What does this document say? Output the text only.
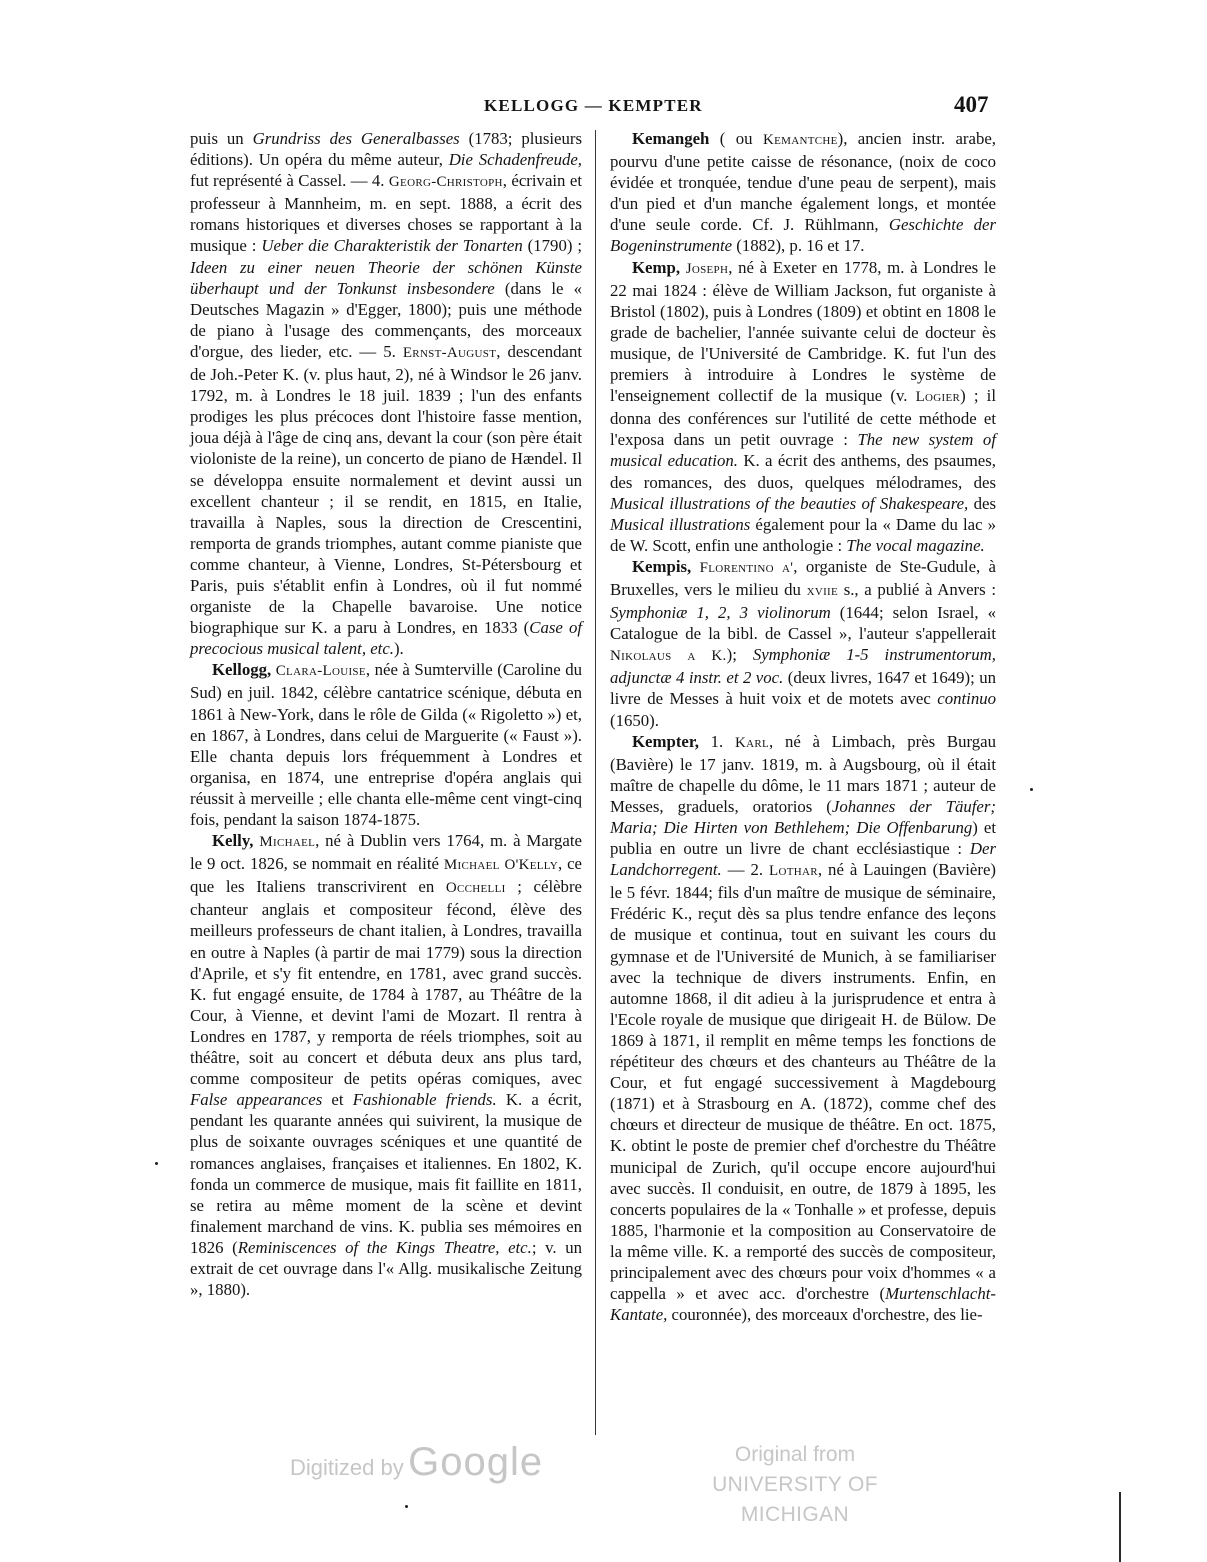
KELLOGG — KEMPTER	407

puis un Grundriss des Generalbasses (1783; plusieurs éditions). Un opéra du même auteur, Die Schadenfreude, fut représenté à Cassel. — 4. Georg-Christoph, écrivain et professeur à Mannheim, m. en sept. 1888, a écrit des romans historiques et diverses choses se rapportant à la musique : Ueber die Charakteristik der Tonarten (1790) ; Ideen zu einer neuen Theorie der schönen Künste überhaupt und der Tonkunst insbesondere (dans le « Deutsches Magazin » d'Egger, 1800); puis une méthode de piano à l'usage des commençants, des morceaux d'orgue, des lieder, etc. — 5. Ernst-August, descendant de Joh.-Peter K. (v. plus haut, 2), né à Windsor le 26 janv. 1792, m. à Londres le 18 juil. 1839 ; l'un des enfants prodiges les plus précoces dont l'histoire fasse mention, joua déjà à l'âge de cinq ans, devant la cour (son père était violoniste de la reine), un concerto de piano de Hændel. Il se développa ensuite normalement et devint aussi un excellent chanteur ; il se rendit, en 1815, en Italie, travailla à Naples, sous la direction de Crescentini, remporta de grands triomphes, autant comme pianiste que comme chanteur, à Vienne, Londres, St-Pétersbourg et Paris, puis s'établit enfin à Londres, où il fut nommé organiste de la Chapelle bavaroise. Une notice biographique sur K. a paru à Londres, en 1833 (Case of precocious musical talent, etc.).

Kellogg, Clara-Louise, née à Sumterville (Caroline du Sud) en juil. 1842, célèbre cantatrice scénique, débuta en 1861 à New-York, dans le rôle de Gilda (« Rigoletto ») et, en 1867, à Londres, dans celui de Marguerite (« Faust »). Elle chanta depuis lors fréquemment à Londres et organisa, en 1874, une entreprise d'opéra anglais qui réussit à merveille ; elle chanta elle-même cent vingt-cinq fois, pendant la saison 1874-1875.

Kelly, Michael, né à Dublin vers 1764, m. à Margate le 9 oct. 1826, se nommait en réalité Michael O'Kelly, ce que les Italiens transcrivirent en Occhelli ; célèbre chanteur anglais et compositeur fécond, élève des meilleurs professeurs de chant italien, à Londres, travailla en outre à Naples (à partir de mai 1779) sous la direction d'Aprile, et s'y fit entendre, en 1781, avec grand succès. K. fut engagé ensuite, de 1784 à 1787, au Théâtre de la Cour, à Vienne, et devint l'ami de Mozart. Il rentra à Londres en 1787, y remporta de réels triomphes, soit au théâtre, soit au concert et débuta deux ans plus tard, comme compositeur de petits opéras comiques, avec False appearances et Fashionable friends. K. a écrit, pendant les quarante années qui suivirent, la musique de plus de soixante ouvrages scéniques et une quantité de romances anglaises, françaises et italiennes. En 1802, K. fonda un commerce de musique, mais fit faillite en 1811, se retira au même moment de la scène et devint finalement marchand de vins. K. publia ses mémoires en 1826 (Reminiscences of the Kings Theatre, etc.; v. un extrait de cet ouvrage dans l'« Allg. musikalische Zeitung », 1880).

Kemangeh ( ou Kemantche), ancien instr. arabe, pourvu d'une petite caisse de résonance, (noix de coco évidée et tronquée, tendue d'une peau de serpent), mais d'un pied et d'un manche également longs, et montée d'une seule corde. Cf. J. Rühlmann, Geschichte der Bogeninstrumente (1882), p. 16 et 17.

Kemp, Joseph, né à Exeter en 1778, m. à Londres le 22 mai 1824 : élève de William Jackson, fut organiste à Bristol (1802), puis à Londres (1809) et obtint en 1808 le grade de bachelier, l'année suivante celui de docteur ès musique, de l'Université de Cambridge. K. fut l'un des premiers à introduire à Londres le système de l'enseignement collectif de la musique (v. Logier) ; il donna des conférences sur l'utilité de cette méthode et l'exposa dans un petit ouvrage : The new system of musical education. K. a écrit des anthems, des psaumes, des romances, des duos, quelques mélodrames, des Musical illustrations of the beauties of Shakespeare, des Musical illustrations également pour la « Dame du lac » de W. Scott, enfin une anthologie : The vocal magazine.

Kempis, Florentino a', organiste de Ste-Gudule, à Bruxelles, vers le milieu du xviie s., a publié à Anvers : Symphoniæ 1, 2, 3 violinorum (1644; selon Israel, « Catalogue de la bibl. de Cassel », l'auteur s'appellerait Nikolaus a K.); Symphoniæ 1-5 instrumentorum, adjunctæ 4 instr. et 2 voc. (deux livres, 1647 et 1649); un livre de Messes à huit voix et de motets avec continuo (1650).

Kempter, 1. Karl, né à Limbach, près Burgau (Bavière) le 17 janv. 1819, m. à Augsbourg, où il était maître de chapelle du dôme, le 11 mars 1871 ; auteur de Messes, graduels, oratorios (Johannes der Täufer; Maria; Die Hirten von Bethlehem; Die Offenbarung) et publia en outre un livre de chant ecclésiastique : Der Landchorregent. — 2. Lothar, né à Lauingen (Bavière) le 5 févr. 1844; fils d'un maître de musique de séminaire, Frédéric K., reçut dès sa plus tendre enfance des leçons de musique et continua, tout en suivant les cours du gymnase et de l'Université de Munich, à se familiariser avec la technique de divers instruments. Enfin, en automne 1868, il dit adieu à la jurisprudence et entra à l'Ecole royale de musique que dirigeait H. de Bülow. De 1869 à 1871, il remplit en même temps les fonctions de répétiteur des chœurs et des chanteurs au Théâtre de la Cour, et fut engagé successivement à Magdebourg (1871) et à Strasbourg en A. (1872), comme chef des chœurs et directeur de musique de théâtre. En oct. 1875, K. obtint le poste de premier chef d'orchestre du Théâtre municipal de Zurich, qu'il occupe encore aujourd'hui avec succès. Il conduisit, en outre, de 1879 à 1895, les concerts populaires de la « Tonhalle » et professe, depuis 1885, l'harmonie et la composition au Conservatoire de la même ville. K. a remporté des succès de compositeur, principalement avec des chœurs pour voix d'hommes « a cappella » et avec acc. d'orchestre (Murtenschlacht-Kantate, couronnée), des morceaux d'orchestre, des lie-

Digitized by Google	Original from
UNIVERSITY OF MICHIGAN
